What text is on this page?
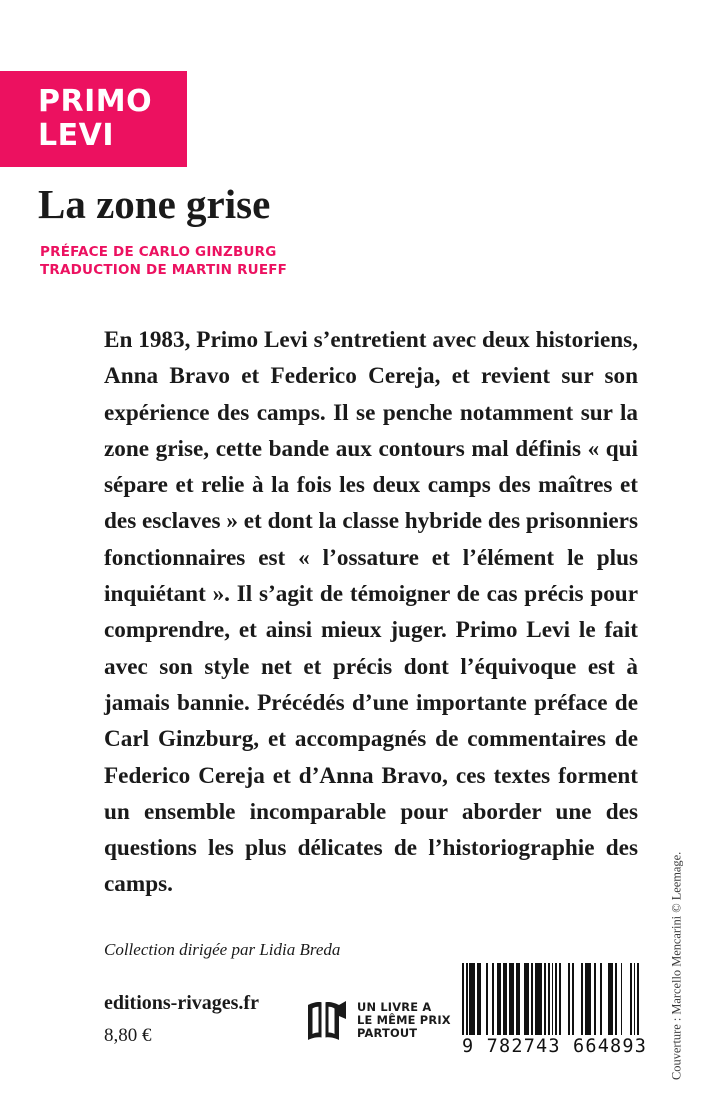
PRIMO
LEVI
La zone grise
PRÉFACE DE CARLO GINZBURG
TRADUCTION DE MARTIN RUEFF

En 1983, Primo Levi s’entretient avec deux historiens, Anna Bravo et Federico Cereja, et revient sur son expérience des camps. Il se penche notamment sur la zone grise, cette bande aux contours mal définis « qui sépare et relie à la fois les deux camps des maîtres et des esclaves » et dont la classe hybride des prisonniers fonctionnaires est « l’ossature et l’élément le plus inquiétant ». Il s’agit de témoigner de cas précis pour comprendre, et ainsi mieux juger. Primo Levi le fait avec son style net et précis dont l’équivoque est à jamais bannie. Précédés d’une importante préface de Carl Ginzburg, et accompagnés de commentaires de Federico Cereja et d’Anna Bravo, ces textes forment un ensemble incomparable pour aborder une des questions les plus délicates de l’historiographie des camps.

Collection dirigée par Lidia Breda
editions-rivages.fr
8,80 €
UN LIVRE A
LE MÊME PRIX
PARTOUT
9 782743 664893 Couverture : Marcello Mencarini © Leemage.
